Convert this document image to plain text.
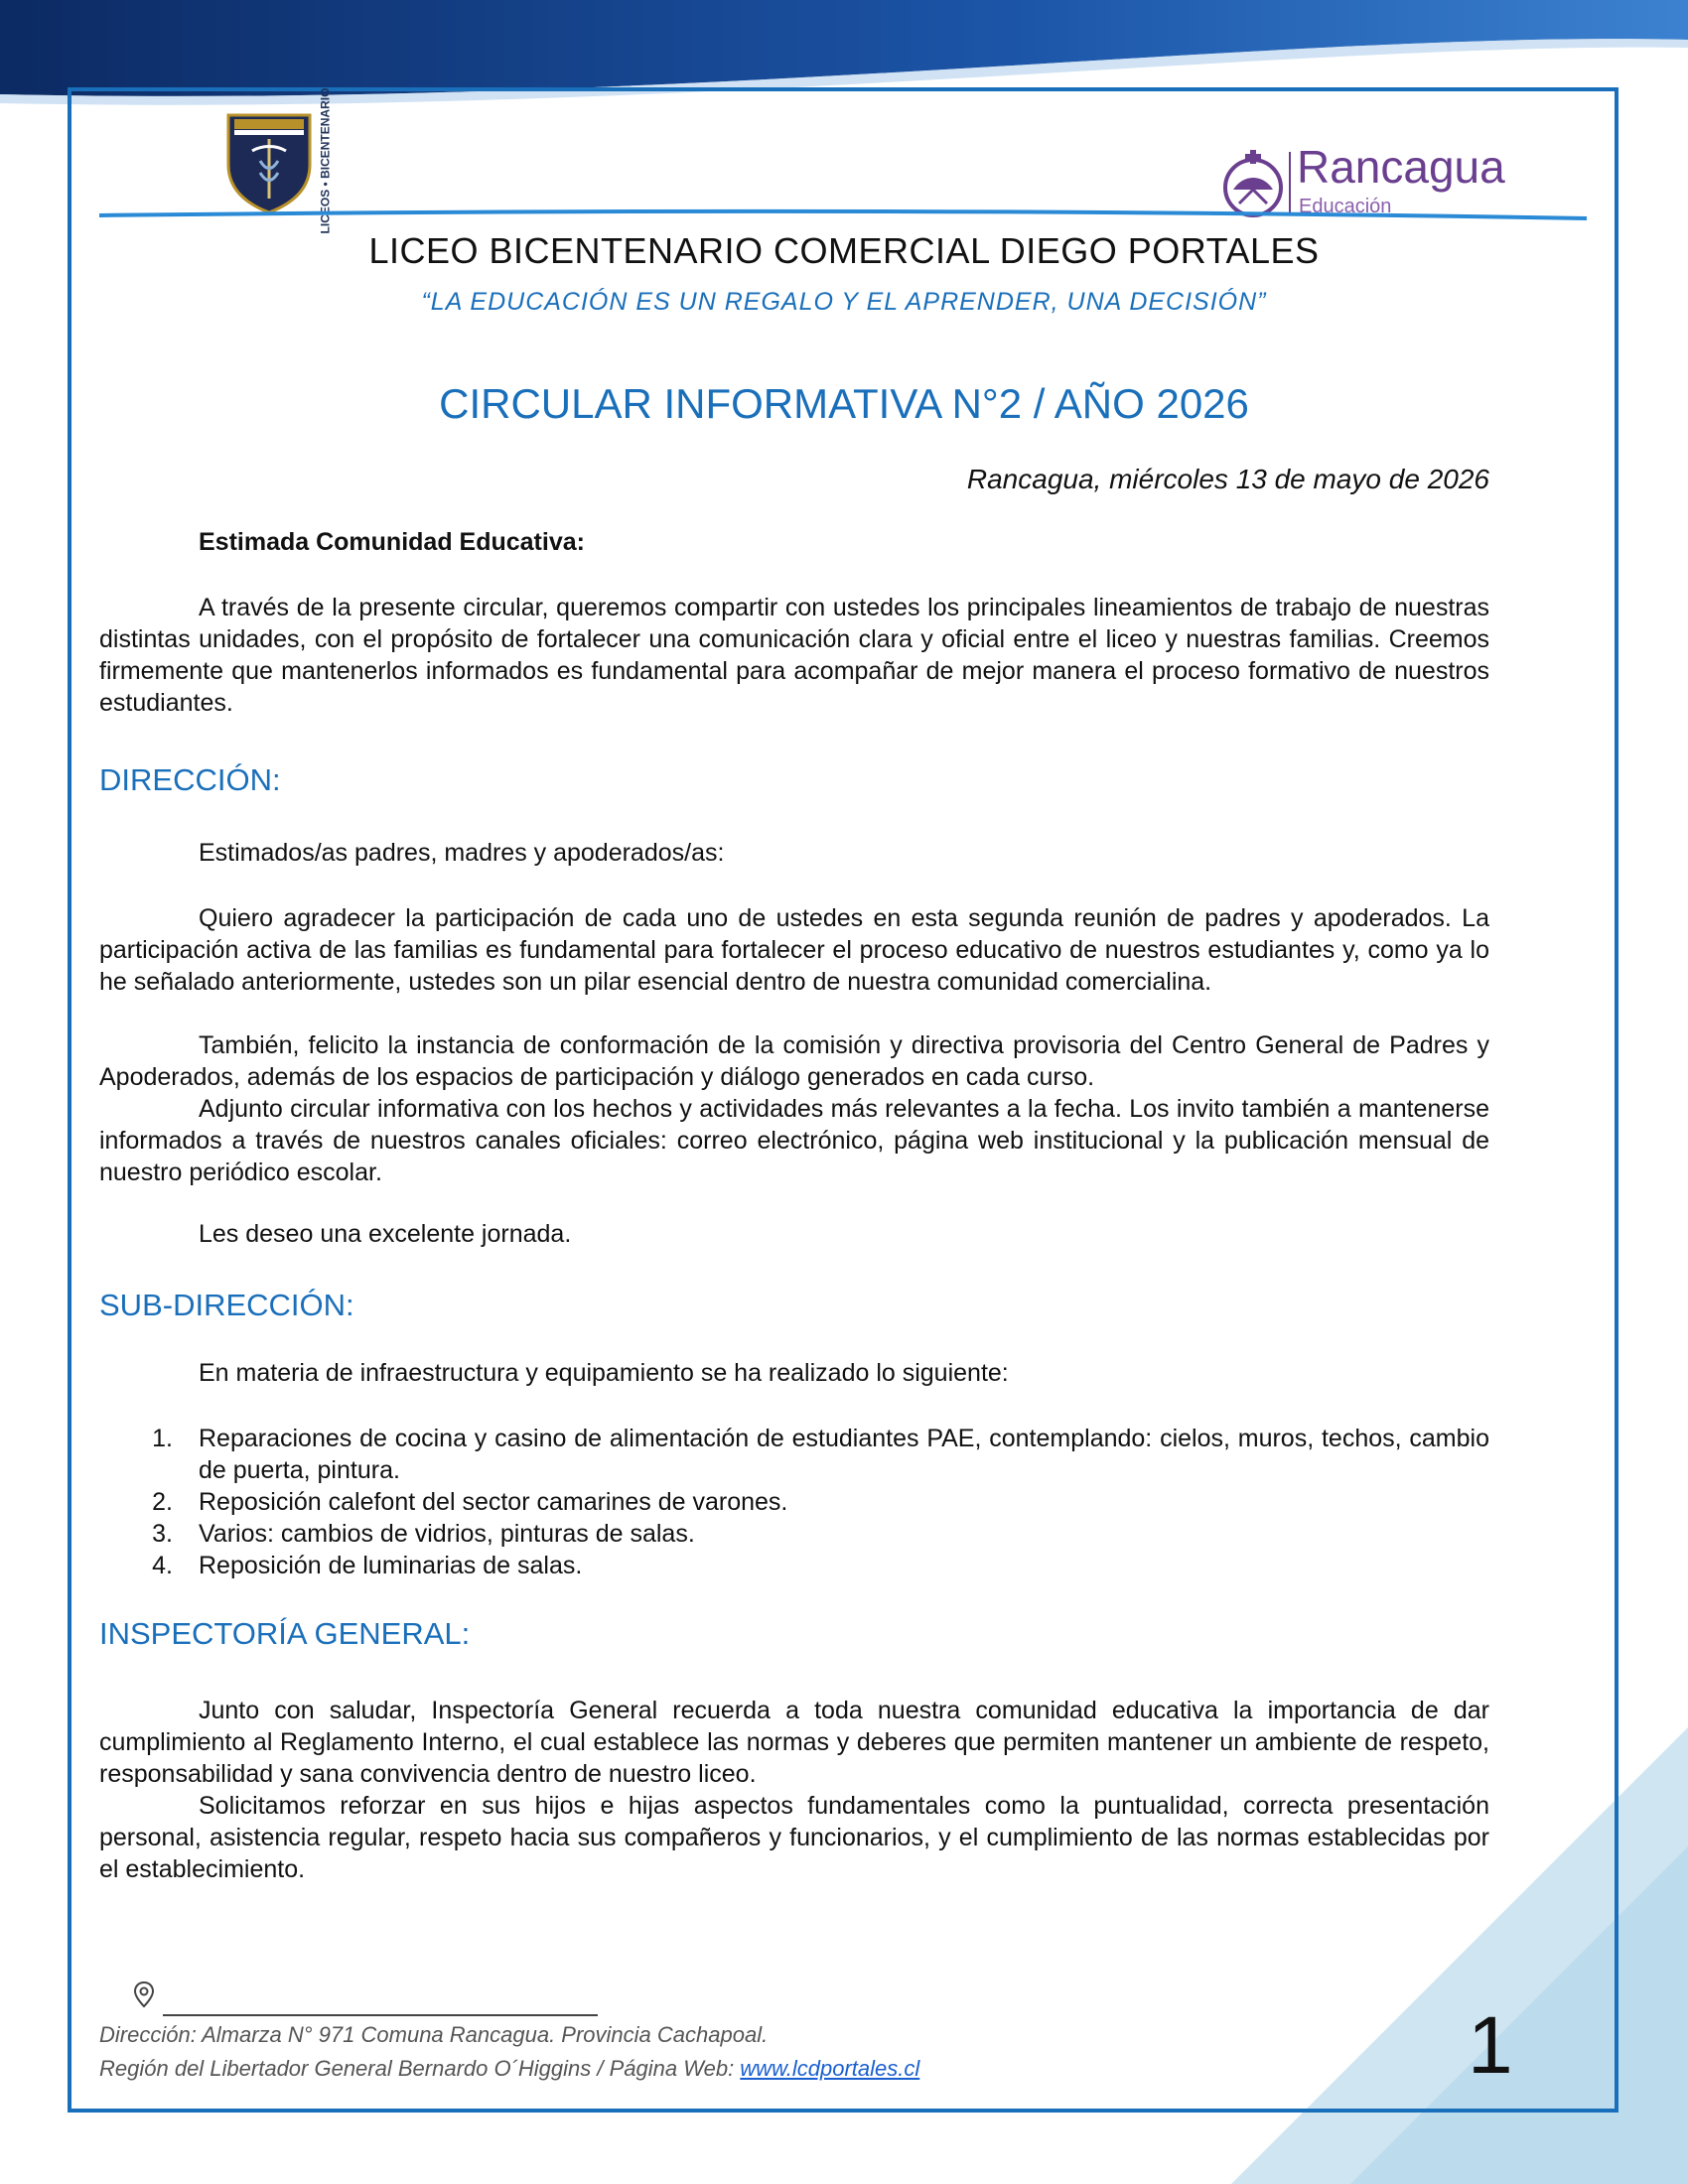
LICEOS • BICENTENARIO	Rancagua
Educación
LICEO BICENTENARIO COMERCIAL DIEGO PORTALES
“LA EDUCACIÓN ES UN REGALO Y EL APRENDER, UNA DECISIÓN”
CIRCULAR INFORMATIVA N°2 / AÑO 2026
Rancagua, miércoles 13 de mayo de 2026
Estimada Comunidad Educativa:

A través de la presente circular, queremos compartir con ustedes los principales lineamientos de trabajo de nuestras distintas unidades, con el propósito de fortalecer una comunicación clara y oficial entre el liceo y nuestras familias. Creemos firmemente que mantenerlos informados es fundamental para acompañar de mejor manera el proceso formativo de nuestros estudiantes.

DIRECCIÓN:
Estimados/as padres, madres y apoderados/as:

Quiero agradecer la participación de cada uno de ustedes en esta segunda reunión de padres y apoderados. La participación activa de las familias es fundamental para fortalecer el proceso educativo de nuestros estudiantes y, como ya lo he señalado anteriormente, ustedes son un pilar esencial dentro de nuestra comunidad comercialina.

También, felicito la instancia de conformación de la comisión y directiva provisoria del Centro General de Padres y Apoderados, además de los espacios de participación y diálogo generados en cada curso.

Adjunto circular informativa con los hechos y actividades más relevantes a la fecha. Los invito también a mantenerse informados a través de nuestros canales oficiales: correo electrónico, página web institucional y la publicación mensual de nuestro periódico escolar.

Les deseo una excelente jornada.
SUB-DIRECCIÓN:
En materia de infraestructura y equipamiento se ha realizado lo siguiente:
1.	Reparaciones de cocina y casino de alimentación de estudiantes PAE, contemplando: cielos, muros, techos, cambio de puerta, pintura.
2.	Reposición calefont del sector camarines de varones.
3.	Varios: cambios de vidrios, pinturas de salas.
4.	Reposición de luminarias de salas.
INSPECTORÍA GENERAL:

Junto con saludar, Inspectoría General recuerda a toda nuestra comunidad educativa la importancia de dar cumplimiento al Reglamento Interno, el cual establece las normas y deberes que permiten mantener un ambiente de respeto, responsabilidad y sana convivencia dentro de nuestro liceo.

Solicitamos reforzar en sus hijos e hijas aspectos fundamentales como la puntualidad, correcta presentación personal, asistencia regular, respeto hacia sus compañeros y funcionarios, y el cumplimiento de las normas establecidas por el establecimiento.

Dirección: Almarza N° 971 Comuna Rancagua. Provincia Cachapoal.

Región del Libertador General Bernardo O´Higgins / Página Web: www.lcdportales.cl	1
